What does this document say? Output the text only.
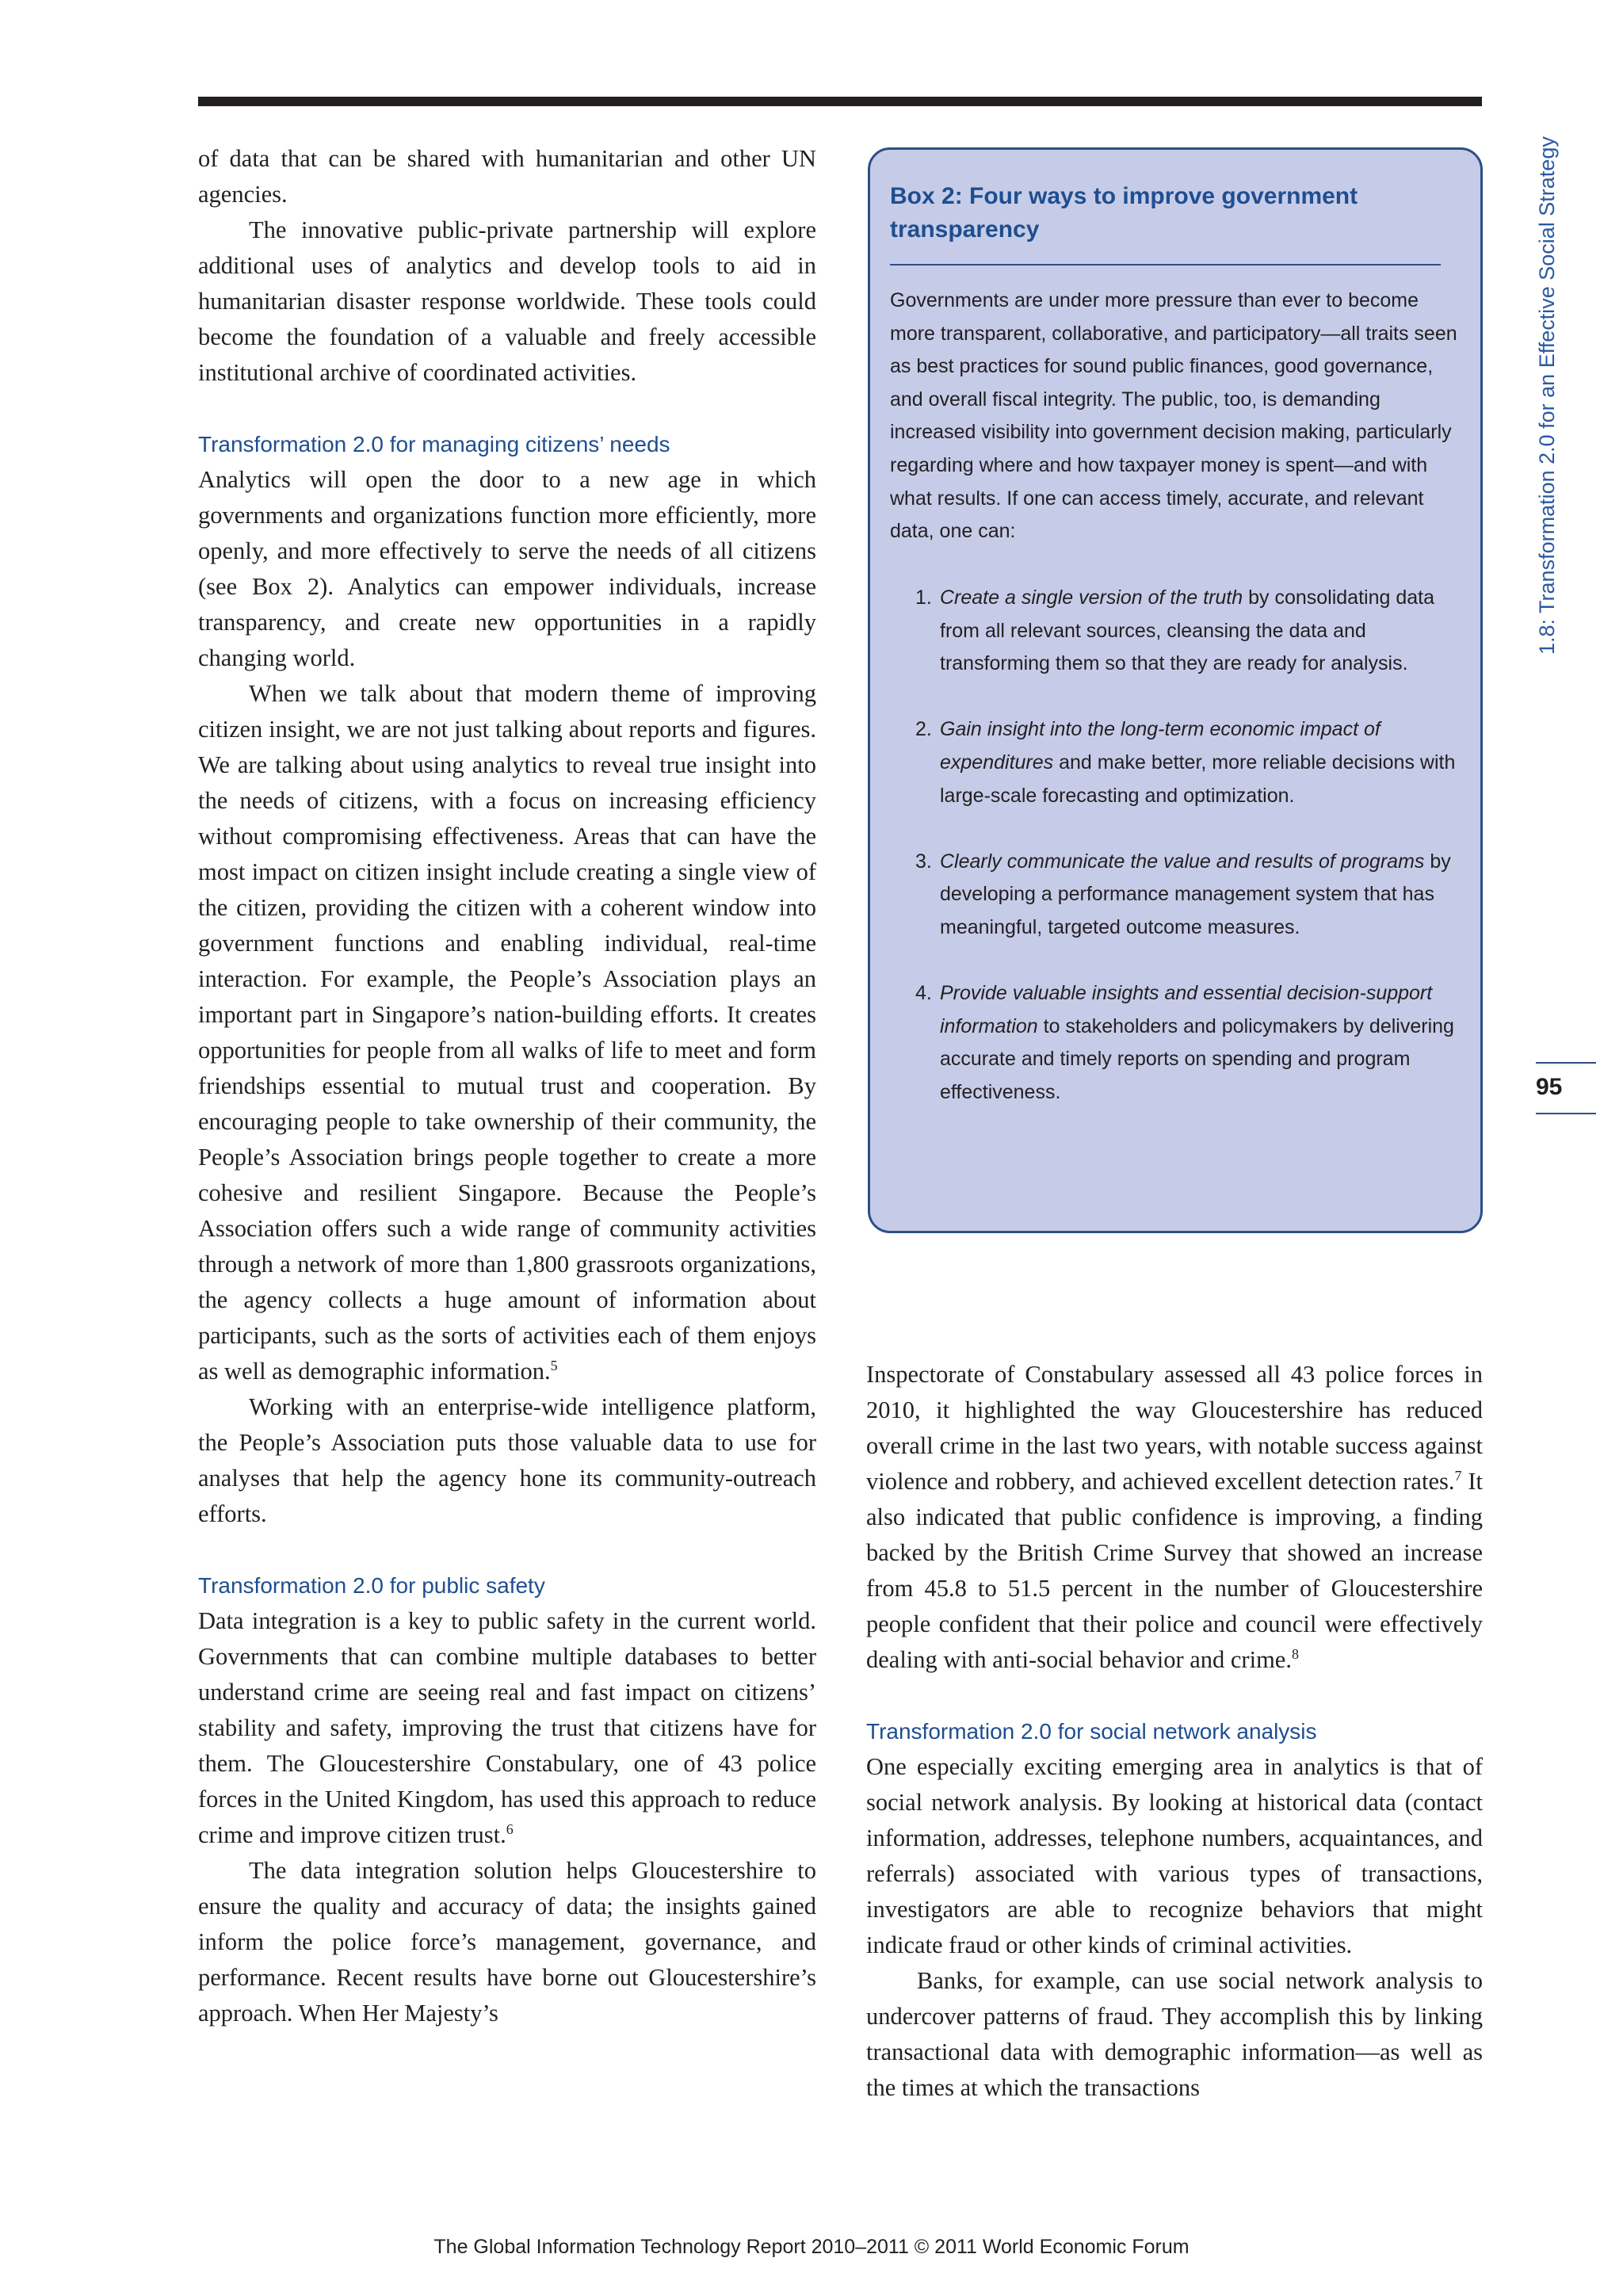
of data that can be shared with humanitarian and other UN agencies.

The innovative public-private partnership will explore additional uses of analytics and develop tools to aid in humanitarian disaster response worldwide. These tools could become the foundation of a valuable and freely accessible institutional archive of coordinated activities.

Transformation 2.0 for managing citizens’ needs

Analytics will open the door to a new age in which governments and organizations function more efficiently, more openly, and more effectively to serve the needs of all citizens (see Box 2). Analytics can empower individuals, increase transparency, and create new opportunities in a rapidly changing world.

When we talk about that modern theme of improving citizen insight, we are not just talking about reports and figures. We are talking about using analytics to reveal true insight into the needs of citizens, with a focus on increasing efficiency without compromising effectiveness. Areas that can have the most impact on citizen insight include creating a single view of the citizen, providing the citizen with a coherent window into government functions and enabling individual, real-time interaction. For example, the People’s Association plays an important part in Singapore’s nation-building efforts. It creates opportunities for people from all walks of life to meet and form friendships essential to mutual trust and cooperation. By encouraging people to take ownership of their community, the People’s Association brings people together to create a more cohesive and resilient Singapore. Because the People’s Association offers such a wide range of community activities through a network of more than 1,800 grassroots organizations, the agency collects a huge amount of information about participants, such as the sorts of activities each of them enjoys as well as demographic information.$^5$

Working with an enterprise-wide intelligence platform, the People’s Association puts those valuable data to use for analyses that help the agency hone its community-outreach efforts.

Transformation 2.0 for public safety

Data integration is a key to public safety in the current world. Governments that can combine multiple databases to better understand crime are seeing real and fast impact on citizens’ stability and safety, improving the trust that citizens have for them. The Gloucestershire Constabulary, one of 43 police forces in the United Kingdom, has used this approach to reduce crime and improve citizen trust.$^6$

The data integration solution helps Gloucestershire to ensure the quality and accuracy of data; the insights gained inform the police force’s management, governance, and performance. Recent results have borne out Gloucestershire’s approach. When Her Majesty’s

Box 2: Four ways to improve government transparency

Governments are under more pressure than ever to become more transparent, collaborative, and participatory—all traits seen as best practices for sound public finances, good governance, and overall fiscal integrity. The public, too, is demanding increased visibility into government decision making, particularly regarding where and how taxpayer money is spent—and with what results. If one can access timely, accurate, and relevant data, one can:

1. Create a single version of the truth by consolidating data from all relevant sources, cleansing the data and transforming them so that they are ready for analysis.
2. Gain insight into the long-term economic impact of expenditures and make better, more reliable decisions with large-scale forecasting and optimization.
3. Clearly communicate the value and results of programs by developing a performance management system that has meaningful, targeted outcome measures.
4. Provide valuable insights and essential decision-support information to stakeholders and policymakers by delivering accurate and timely reports on spending and program effectiveness.

Inspectorate of Constabulary assessed all 43 police forces in 2010, it highlighted the way Gloucestershire has reduced overall crime in the last two years, with notable success against violence and robbery, and achieved excellent detection rates.$^7$ It also indicated that public confidence is improving, a finding backed by the British Crime Survey that showed an increase from 45.8 to 51.5 percent in the number of Gloucestershire people confident that their police and council were effectively dealing with anti-social behavior and crime.$^8$

Transformation 2.0 for social network analysis

One especially exciting emerging area in analytics is that of social network analysis. By looking at historical data (contact information, addresses, telephone numbers, acquaintances, and referrals) associated with various types of transactions, investigators are able to recognize behaviors that might indicate fraud or other kinds of criminal activities.

Banks, for example, can use social network analysis to undercover patterns of fraud. They accomplish this by linking transactional data with demographic information—as well as the times at which the transactions

1.8: Transformation 2.0 for an Effective Social Strategy
95
The Global Information Technology Report 2010–2011 © 2011 World Economic Forum
